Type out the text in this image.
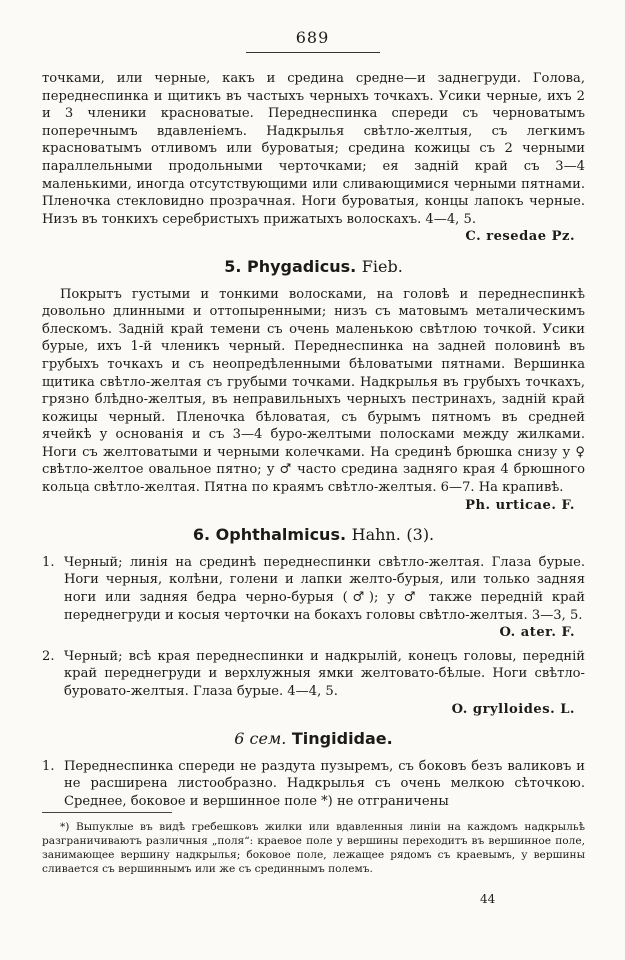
689

точками, или черные, какъ и средина средне—и заднегруди. Голова, переднеспинка и щитикъ въ частыхъ черныхъ точкахъ. Усики черные, ихъ 2 и 3 членики красноватые. Переднеспинка спереди съ черноватымъ поперечнымъ вдавленiемъ. Надкрылья свѣтло-желтыя, съ легкимъ красноватымъ отливомъ или буроватыя; средина кожицы съ 2 черными параллельными продольными черточками; ея задній край съ 3—4 маленькими, иногда отсутствующими или сливающимися черными пятнами. Пленочка стекловидно прозрачная. Ноги буроватыя, концы лапокъ черные. Низъ въ тонкихъ серебристыхъ прижатыхъ волоскахъ. 4—4, 5.

C. resedae Pz.
5. Phygadicus. Fieb.

Покрытъ густыми и тонкими волосками, на головѣ и переднеспинкѣ довольно длинными и оттопыренными; низъ съ матовымъ металическимъ блескомъ. Задній край темени съ очень маленькою свѣтлою точкой. Усики бурые, ихъ 1-й членикъ черный. Переднеспинка на задней половинѣ въ грубыхъ точкахъ и съ неопредѣленными бѣловатыми пятнами. Вершинка щитика свѣтло-желтая съ грубыми точками. Надкрылья въ грубыхъ точкахъ, грязно блѣдно-желтыя, въ неправильныхъ черныхъ пестринахъ, задній край кожицы черный. Пленочка бѣловатая, съ бурымъ пятномъ въ средней ячейкѣ у основанія и съ 3—4 буро-желтыми полосками между жилками. Ноги съ желтоватыми и черными колечками. На срединѣ брюшка снизу у ♀ свѣтло-желтое овальное пятно; у ♂ часто средина задняго края 4 брюшного кольца свѣтло-желтая. Пятна по краямъ свѣтло-желтыя. 6—7. На крапивѣ.

Ph. urticae. F.
6. Ophthalmicus. Hahn. (3).
1. Черный; линія на срединѣ переднеспинки свѣтло-желтая. Глаза бурые. Ноги черныя, колѣни, голени и лапки желто-бурыя, или только задняя ноги или задняя бедра черно-бурыя (♂); у ♂ также передній край переднегруди и косыя черточки на бокахъ головы свѣтло-желтыя. 3—3, 5.

O. ater. F.
2. Черный; всѣ края переднеспинки и надкрылій, конецъ головы, передній край переднегруди и верхлужныя ямки желтовато-бѣлые. Ноги свѣтло-буровато-желтыя. Глаза бурые. 4—4, 5.

O. grylloides. L.
6 сем. Tingididae.
1. Переднеспинка спереди не раздута пузыремъ, съ боковъ безъ валиковъ и не расширена листообразно. Надкрылья съ очень мелкою сѣточкою. Среднее, боковое и вершинное поле *) не отграничены

*) Выпуклые въ видѣ гребешковъ жилки или вдавленныя линіи на каждомъ надкрыльѣ разграничиваютъ различныя „поля“: краевое поле у вершины переходитъ въ вершинное поле, занимающее вершину надкрылья; боковое поле, лежащее рядомъ съ краевымъ, у вершины сливается съ вершиннымъ или же съ срединнымъ полемъ.

44
